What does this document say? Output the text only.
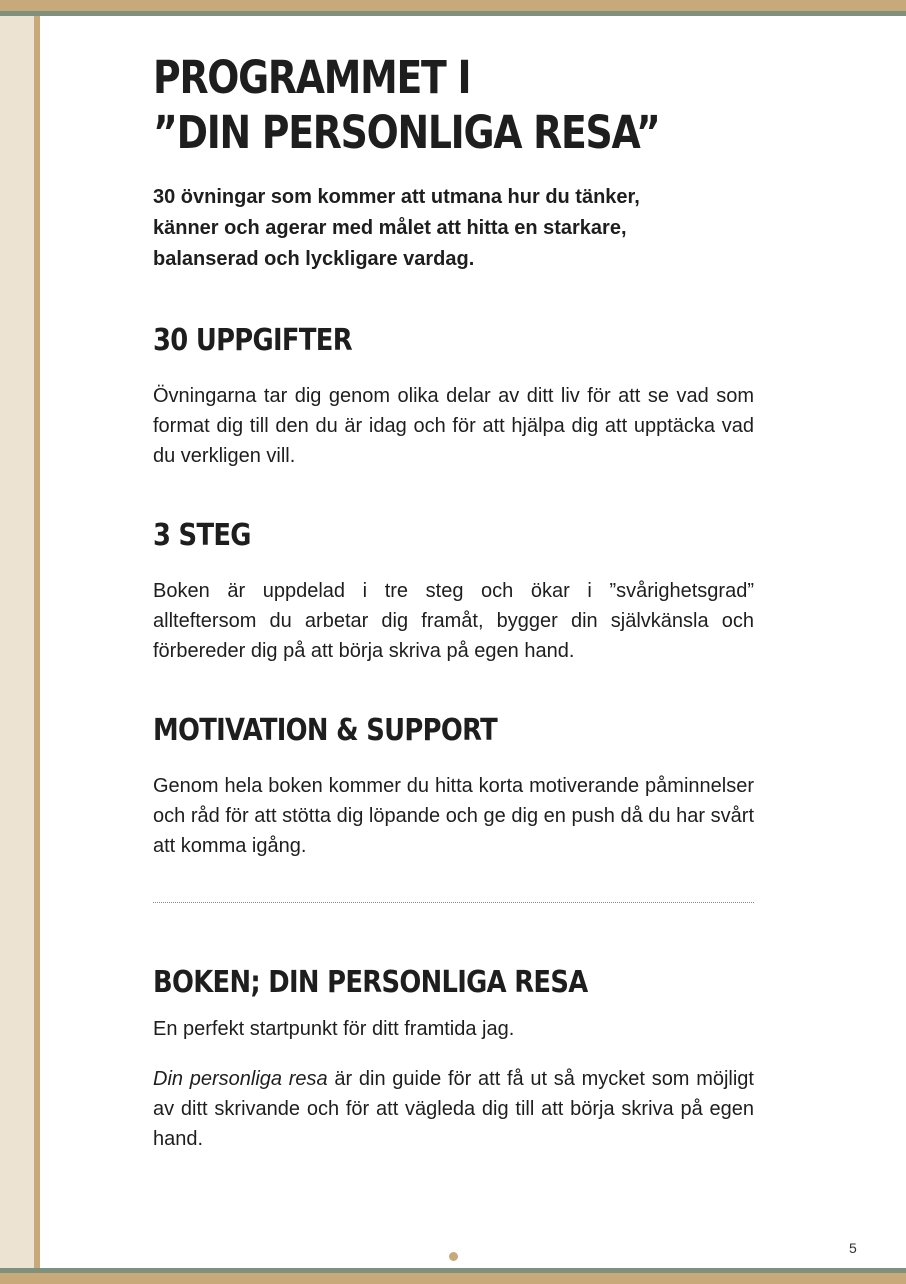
PROGRAMMET I
”DIN PERSONLIGA RESA”

30 övningar som kommer att utmana hur du tänker, känner och agerar med målet att hitta en starkare, balanserad och lyckligare vardag.

30 UPPGIFTER

Övningarna tar dig genom olika delar av ditt liv för att se vad som format dig till den du är idag och för att hjälpa dig att upptäcka vad du verkligen vill.

3 STEG

Boken är uppdelad i tre steg och ökar i ”svårighetsgrad” allteftersom du arbetar dig framåt, bygger din självkänsla och förbereder dig på att börja skriva på egen hand.

MOTIVATION & SUPPORT

Genom hela boken kommer du hitta korta motiverande påminnelser och råd för att stötta dig löpande och ge dig en push då du har svårt att komma igång.

BOKEN; DIN PERSONLIGA RESA

En perfekt startpunkt för ditt framtida jag.

Din personliga resa är din guide för att få ut så mycket som möjligt av ditt skrivande och för att vägleda dig till att börja skriva på egen hand.

5
